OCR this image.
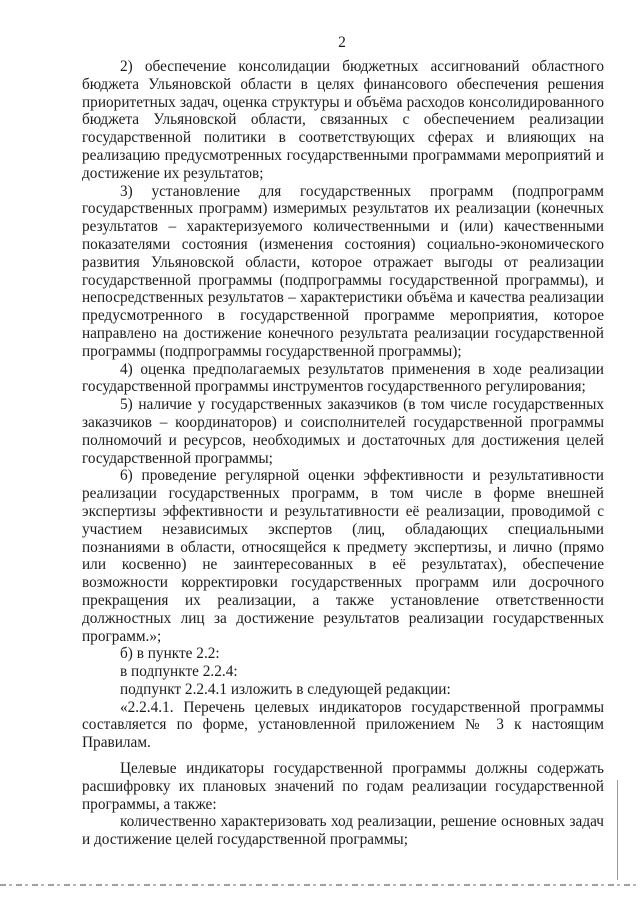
2

2) обеспечение консолидации бюджетных ассигнований областного бюджета Ульяновской области в целях финансового обеспечения решения приоритетных задач, оценка структуры и объёма расходов консолидированного бюджета Ульяновской области, связанных с обеспечением реализации государственной политики в соответствующих сферах и влияющих на реализацию предусмотренных государственными программами мероприятий и достижение их результатов;

3) установление для государственных программ (подпрограмм государственных программ) измеримых результатов их реализации (конечных результатов – характеризуемого количественными и (или) качественными показателями состояния (изменения состояния) социально-экономического развития Ульяновской области, которое отражает выгоды от реализации государственной программы (подпрограммы государственной программы), и непосредственных результатов – характеристики объёма и качества реализации предусмотренного в государственной программе мероприятия, которое направлено на достижение конечного результата реализации государственной программы (подпрограммы государственной программы);

4) оценка предполагаемых результатов применения в ходе реализации государственной программы инструментов государственного регулирования;

5) наличие у государственных заказчиков (в том числе государственных заказчиков – координаторов) и соисполнителей государственной программы полномочий и ресурсов, необходимых и достаточных для достижения целей государственной программы;

6) проведение регулярной оценки эффективности и результативности реализации государственных программ, в том числе в форме внешней экспертизы эффективности и результативности её реализации, проводимой с участием независимых экспертов (лиц, обладающих специальными познаниями в области, относящейся к предмету экспертизы, и лично (прямо или косвенно) не заинтересованных в её результатах), обеспечение возможности корректировки государственных программ или досрочного прекращения их реализации, а также установление ответственности должностных лиц за достижение результатов реализации государственных программ.»;

б) в пункте 2.2:

в подпункте 2.2.4:

подпункт 2.2.4.1 изложить в следующей редакции:

«2.2.4.1. Перечень целевых индикаторов государственной программы составляется по форме, установленной приложением № 3 к настоящим Правилам.

Целевые индикаторы государственной программы должны содержать расшифровку их плановых значений по годам реализации государственной программы, а также:

количественно характеризовать ход реализации, решение основных задач и достижение целей государственной программы;
